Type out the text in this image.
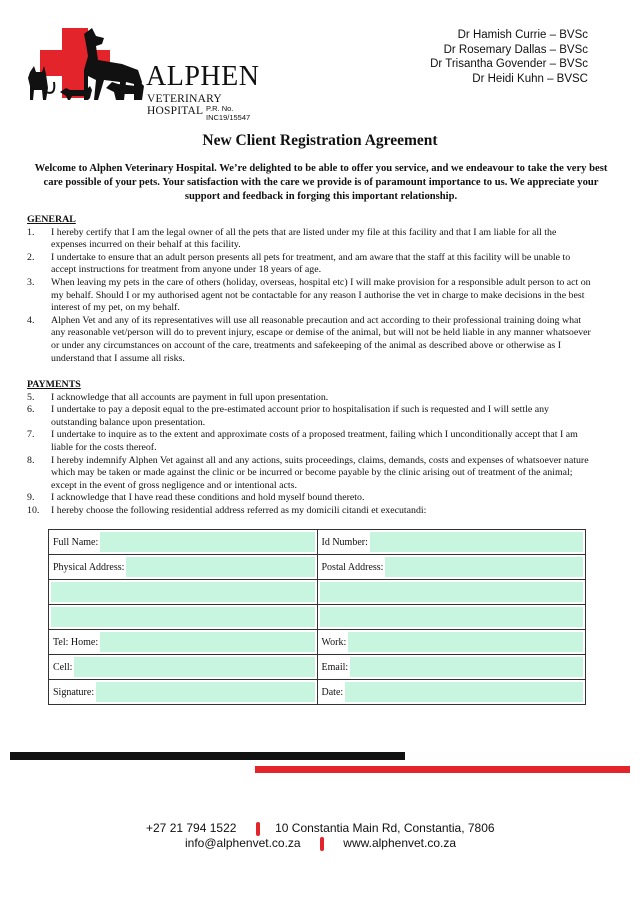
ALPHEN
VETERINARY HOSPITAL P.R. No. INC19/15547
Dr Hamish Currie – BVSc
Dr Rosemary Dallas – BVSc
Dr Trisantha Govender – BVSc
Dr Heidi Kuhn – BVSC
New Client Registration Agreement
Welcome to Alphen Veterinary Hospital. We’re delighted to be able to offer you service, and we endeavour to take the very best care possible of your pets. Your satisfaction with the care we provide is of paramount importance to us. We appreciate your support and feedback in forging this important relationship.
GENERAL
1. I hereby certify that I am the legal owner of all the pets that are listed under my file at this facility and that I am liable for all the expenses incurred on their behalf at this facility.
2. I undertake to ensure that an adult person presents all pets for treatment, and am aware that the staff at this facility will be unable to accept instructions for treatment from anyone under 18 years of age.
3. When leaving my pets in the care of others (holiday, overseas, hospital etc) I will make provision for a responsible adult person to act on my behalf. Should I or my authorised agent not be contactable for any reason I authorise the vet in charge to make decisions in the best interest of my pet, on my behalf.
4. Alphen Vet and any of its representatives will use all reasonable precaution and act according to their professional training doing what any reasonable vet/person will do to prevent injury, escape or demise of the animal, but will not be held liable in any manner whatsoever or under any circumstances on account of the care, treatments and safekeeping of the animal as described above or otherwise as I understand that I assume all risks.
PAYMENTS
5. I acknowledge that all accounts are payment in full upon presentation.
6. I undertake to pay a deposit equal to the pre-estimated account prior to hospitalisation if such is requested and I will settle any outstanding balance upon presentation.
7. I undertake to inquire as to the extent and approximate costs of a proposed treatment, failing which I unconditionally accept that I am liable for the costs thereof.
8. I hereby indemnify Alphen Vet against all and any actions, suits proceedings, claims, demands, costs and expenses of whatsoever nature which may be taken or made against the clinic or be incurred or become payable by the clinic arising out of treatment of the animal; except in the event of gross negligence and or intentional acts.
9. I acknowledge that I have read these conditions and hold myself bound thereto.
10. I hereby choose the following residential address referred as my domicili citandi et executandi:
Full Name:	Id Number:

Physical Address:	Postal Address:

Tel: Home:	Work:

Cell:	Email:

Signature:	Date:
+27 21 794 1522	10 Constantia Main Rd, Constantia, 7806
info@alphenvet.co.za	www.alphenvet.co.za
